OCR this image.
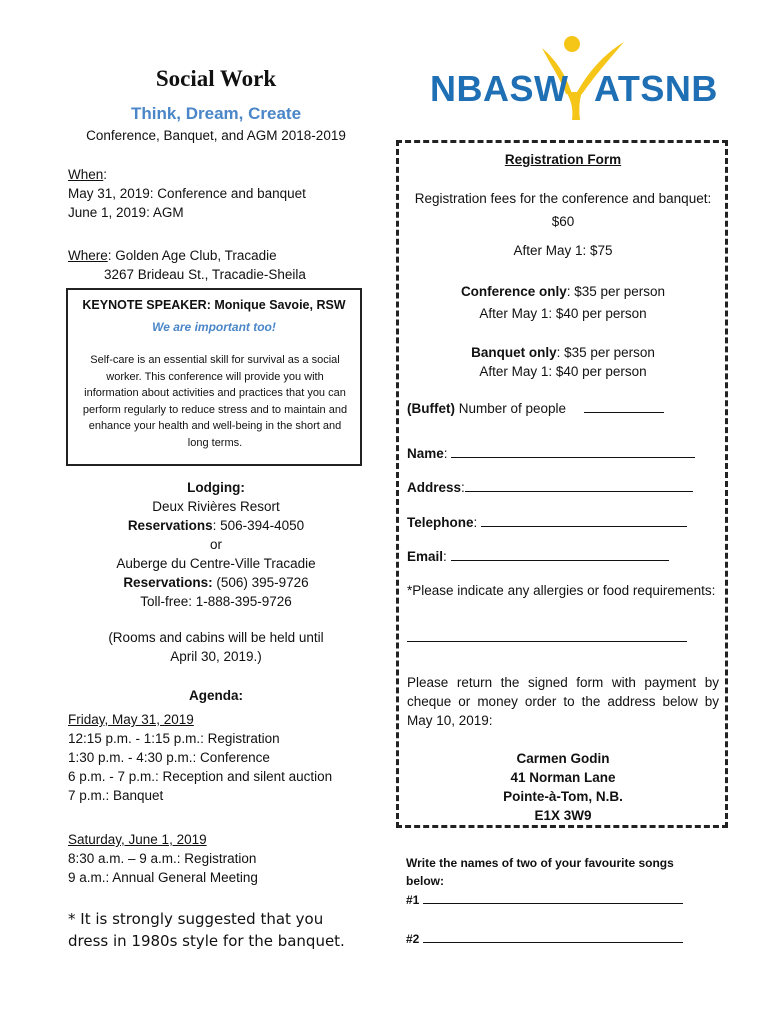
Social Work
Think, Dream, Create
Conference, Banquet, and AGM 2018-2019
When:
May 31, 2019: Conference and banquet
June 1, 2019: AGM
Where: Golden Age Club, Tracadie
3267 Brideau St., Tracadie-Sheila
KEYNOTE SPEAKER: Monique Savoie, RSW
We are important too!
Self-care is an essential skill for survival as a social worker. This conference will provide you with information about activities and practices that you can perform regularly to reduce stress and to maintain and enhance your health and well-being in the short and long terms.
Lodging:
Deux Rivières Resort
Reservations: 506-394-4050
or
Auberge du Centre-Ville Tracadie
Reservations: (506) 395-9726
Toll-free: 1-888-395-9726
(Rooms and cabins will be held until
April 30, 2019.)
Agenda:
Friday, May 31, 2019
12:15 p.m. - 1:15 p.m.: Registration
1:30 p.m. - 4:30 p.m.: Conference
6 p.m. - 7 p.m.: Reception and silent auction
7 p.m.: Banquet
Saturday, June 1, 2019
8:30 a.m. – 9 a.m.: Registration
9 a.m.: Annual General Meeting
* It is strongly suggested that you dress in 1980s style for the banquet.
NBASW ATSNB
Registration Form
Registration fees for the conference and banquet:
$60
After May 1: $75
Conference only: $35 per person
After May 1: $40 per person
Banquet only: $35 per person
After May 1: $40 per person
(Buffet) Number of people
Name:
Address:
Telephone:
Email:
*Please indicate any allergies or food requirements:
Please return the signed form with payment by cheque or money order to the address below by May 10, 2019:
Carmen Godin
41 Norman Lane
Pointe-à-Tom, N.B.
E1X 3W9
Write the names of two of your favourite songs below:
#1
#2
